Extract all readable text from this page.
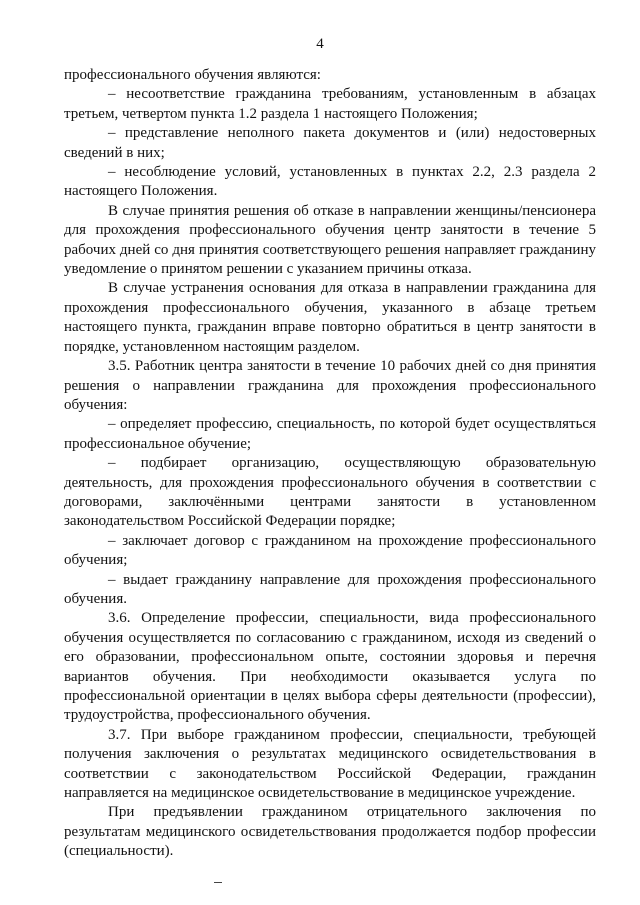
4

профессионального обучения являются:

– несоответствие гражданина требованиям, установленным в абзацах третьем, четвертом пункта 1.2 раздела 1 настоящего Положения;

– представление неполного пакета документов и (или) недостоверных сведений в них;

– несоблюдение условий, установленных в пунктах 2.2, 2.3 раздела 2 настоящего Положения.

В случае принятия решения об отказе в направлении женщины/пенсионера для прохождения профессионального обучения центр занятости в течение 5 рабочих дней со дня принятия соответствующего решения направляет гражданину уведомление о принятом решении с указанием причины отказа.

В случае устранения основания для отказа в направлении гражданина для прохождения профессионального обучения, указанного в абзаце третьем настоящего пункта, гражданин вправе повторно обратиться в центр занятости в порядке, установленном настоящим разделом.

3.5. Работник центра занятости в течение 10 рабочих дней со дня принятия решения о направлении гражданина для прохождения профессионального обучения:

– определяет профессию, специальность, по которой будет осуществляться профессиональное обучение;

– подбирает организацию, осуществляющую образовательную деятельность, для прохождения профессионального обучения в соответствии с договорами, заключёнными центрами занятости в установленном законодательством Российской Федерации порядке;

– заключает договор с гражданином на прохождение профессионального обучения;

– выдает гражданину направление для прохождения профессионального обучения.

3.6. Определение профессии, специальности, вида профессионального обучения осуществляется по согласованию с гражданином, исходя из сведений о его образовании, профессиональном опыте, состоянии здоровья и перечня вариантов обучения. При необходимости оказывается услуга по профессиональной ориентации в целях выбора сферы деятельности (профессии), трудоустройства, профессионального обучения.

3.7. При выборе гражданином профессии, специальности, требующей получения заключения о результатах медицинского освидетельствования в соответствии с законодательством Российской Федерации, гражданин направляется на медицинское освидетельствование в медицинское учреждение.

При предъявлении гражданином отрицательного заключения по результатам медицинского освидетельствования продолжается подбор профессии (специальности).
